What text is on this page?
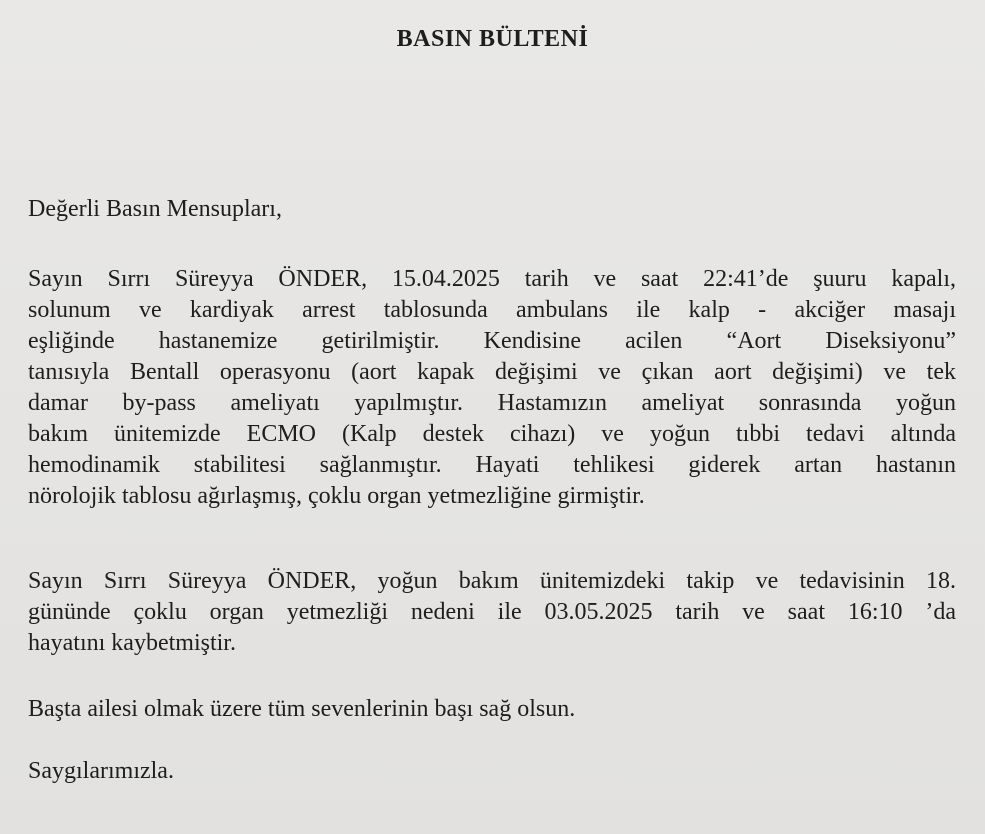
BASIN BÜLTENİ
Değerli Basın Mensupları,
Sayın Sırrı Süreyya ÖNDER, 15.04.2025 tarih ve saat 22:41’de şuuru kapalı,
solunum ve kardiyak arrest tablosunda ambulans ile kalp - akciğer masajı
eşliğinde hastanemize getirilmiştir. Kendisine acilen “Aort Diseksiyonu”
tanısıyla Bentall operasyonu (aort kapak değişimi ve çıkan aort değişimi) ve tek
damar by-pass ameliyatı yapılmıştır. Hastamızın ameliyat sonrasında yoğun
bakım ünitemizde ECMO (Kalp destek cihazı) ve yoğun tıbbi tedavi altında
hemodinamik stabilitesi sağlanmıştır. Hayati tehlikesi giderek artan hastanın
nörolojik tablosu ağırlaşmış, çoklu organ yetmezliğine girmiştir.
Sayın Sırrı Süreyya ÖNDER, yoğun bakım ünitemizdeki takip ve tedavisinin 18.
gününde çoklu organ yetmezliği nedeni ile 03.05.2025 tarih ve saat 16:10 ’da
hayatını kaybetmiştir.
Başta ailesi olmak üzere tüm sevenlerinin başı sağ olsun.
Saygılarımızla.
